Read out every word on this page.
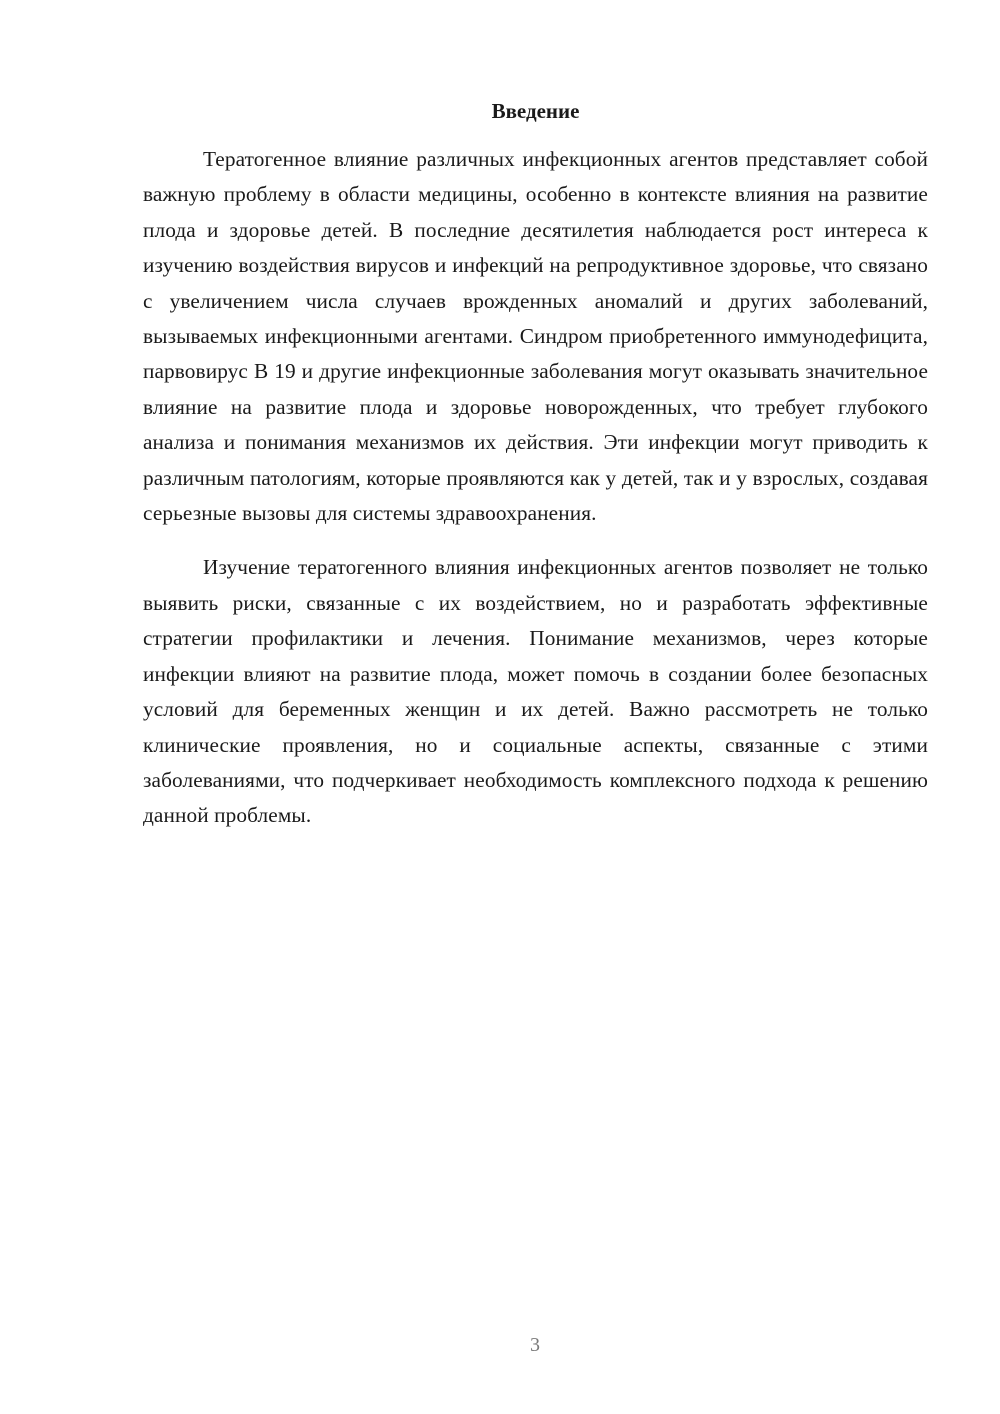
Введение

Тератогенное влияние различных инфекционных агентов представляет собой важную проблему в области медицины, особенно в контексте влияния на развитие плода и здоровье детей. В последние десятилетия наблюдается рост интереса к изучению воздействия вирусов и инфекций на репродуктивное здоровье, что связано с увеличением числа случаев врожденных аномалий и других заболеваний, вызываемых инфекционными агентами. Синдром приобретенного иммунодефицита, парвовирус В 19 и другие инфекционные заболевания могут оказывать значительное влияние на развитие плода и здоровье новорожденных, что требует глубокого анализа и понимания механизмов их действия. Эти инфекции могут приводить к различным патологиям, которые проявляются как у детей, так и у взрослых, создавая серьезные вызовы для системы здравоохранения.

Изучение тератогенного влияния инфекционных агентов позволяет не только выявить риски, связанные с их воздействием, но и разработать эффективные стратегии профилактики и лечения. Понимание механизмов, через которые инфекции влияют на развитие плода, может помочь в создании более безопасных условий для беременных женщин и их детей. Важно рассмотреть не только клинические проявления, но и социальные аспекты, связанные с этими заболеваниями, что подчеркивает необходимость комплексного подхода к решению данной проблемы.

3
